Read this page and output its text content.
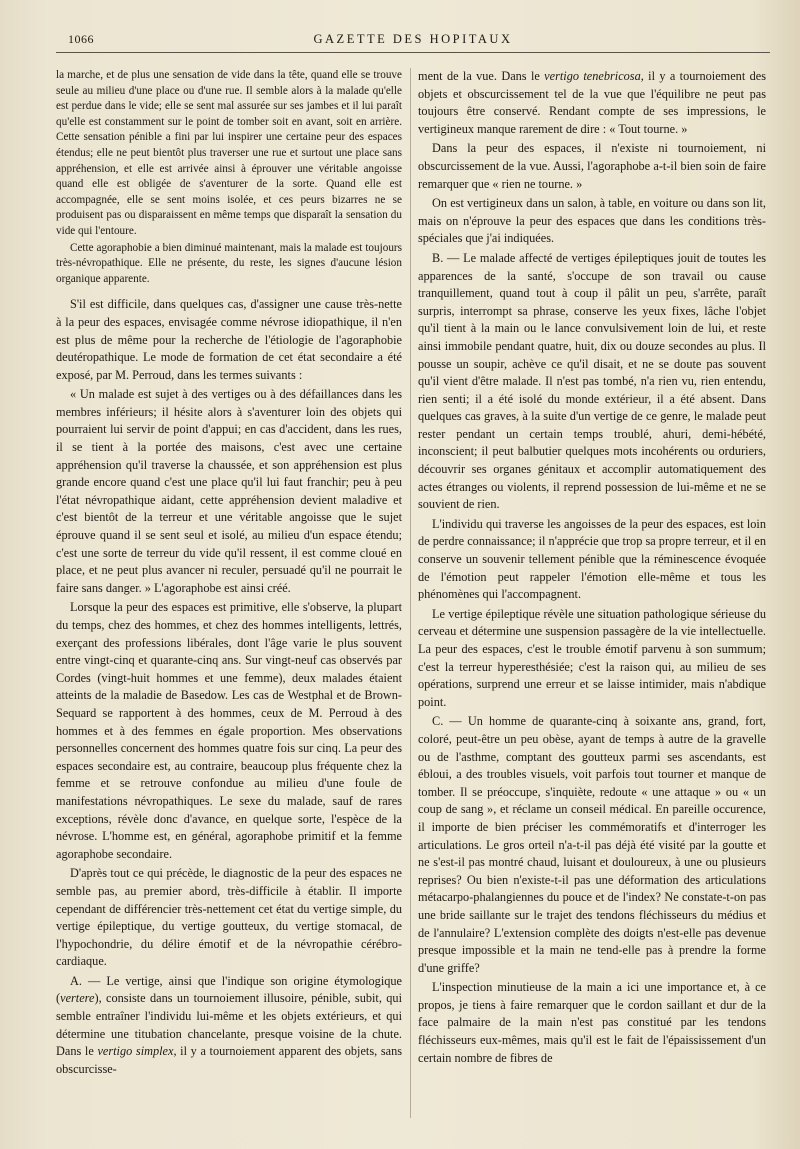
1066	GAZETTE DES HOPITAUX

la marche, et de plus une sensation de vide dans la tête, quand elle se trouve seule au milieu d'une place ou d'une rue. Il semble alors à la malade qu'elle est perdue dans le vide; elle se sent mal assurée sur ses jambes et il lui paraît qu'elle est constamment sur le point de tomber soit en avant, soit en arrière. Cette sensation pénible a fini par lui inspirer une certaine peur des espaces étendus; elle ne peut bientôt plus traverser une rue et surtout une place sans appréhension, et elle est arrivée ainsi à éprouver une véritable angoisse quand elle est obligée de s'aventurer de la sorte. Quand elle est accompagnée, elle se sent moins isolée, et ces peurs bizarres ne se produisent pas ou disparaissent en même temps que disparaît la sensation du vide qui l'entoure.

Cette agoraphobie a bien diminué maintenant, mais la malade est toujours très-névropathique. Elle ne présente, du reste, les signes d'aucune lésion organique apparente.

S'il est difficile, dans quelques cas, d'assigner une cause très-nette à la peur des espaces, envisagée comme névrose idiopathique, il n'en est plus de même pour la recherche de l'étiologie de l'agoraphobie deutéropathique. Le mode de formation de cet état secondaire a été exposé, par M. Perroud, dans les termes suivants :

« Un malade est sujet à des vertiges ou à des défaillances dans les membres inférieurs; il hésite alors à s'aventurer loin des objets qui pourraient lui servir de point d'appui; en cas d'accident, dans les rues, il se tient à la portée des maisons, c'est avec une certaine appréhension qu'il traverse la chaussée, et son appréhension est plus grande encore quand c'est une place qu'il lui faut franchir; peu à peu l'état névropathique aidant, cette appréhension devient maladive et c'est bientôt de la terreur et une véritable angoisse que le sujet éprouve quand il se sent seul et isolé, au milieu d'un espace étendu; c'est une sorte de terreur du vide qu'il ressent, il est comme cloué en place, et ne peut plus avancer ni reculer, persuadé qu'il ne pourrait le faire sans danger. » L'agoraphobe est ainsi créé.

Lorsque la peur des espaces est primitive, elle s'observe, la plupart du temps, chez des hommes, et chez des hommes intelligents, lettrés, exerçant des professions libérales, dont l'âge varie le plus souvent entre vingt-cinq et quarante-cinq ans. Sur vingt-neuf cas observés par Cordes (vingt-huit hommes et une femme), deux malades étaient atteints de la maladie de Basedow. Les cas de Westphal et de Brown-Sequard se rapportent à des hommes, ceux de M. Perroud à des hommes et à des femmes en égale proportion. Mes observations personnelles concernent des hommes quatre fois sur cinq. La peur des espaces secondaire est, au contraire, beaucoup plus fréquente chez la femme et se retrouve confondue au milieu d'une foule de manifestations névropathiques. Le sexe du malade, sauf de rares exceptions, révèle donc d'avance, en quelque sorte, l'espèce de la névrose. L'homme est, en général, agoraphobe primitif et la femme agoraphobe secondaire.

D'après tout ce qui précède, le diagnostic de la peur des espaces ne semble pas, au premier abord, très-difficile à établir. Il importe cependant de différencier très-nettement cet état du vertige simple, du vertige épileptique, du vertige goutteux, du vertige stomacal, de l'hypochondrie, du délire émotif et de la névropathie cérébro-cardiaque.

A. — Le vertige, ainsi que l'indique son origine étymologique (vertere), consiste dans un tournoiement illusoire, pénible, subit, qui semble entraîner l'individu lui-même et les objets extérieurs, et qui détermine une titubation chancelante, presque voisine de la chute. Dans le vertigo simplex, il y a tournoiement apparent des objets, sans obscurcisse-

ment de la vue. Dans le vertigo tenebricosa, il y a tournoiement des objets et obscurcissement tel de la vue que l'équilibre ne peut pas toujours être conservé. Rendant compte de ses impressions, le vertigineux manque rarement de dire : « Tout tourne. »

Dans la peur des espaces, il n'existe ni tournoiement, ni obscurcissement de la vue. Aussi, l'agoraphobe a-t-il bien soin de faire remarquer que « rien ne tourne. »

On est vertigineux dans un salon, à table, en voiture ou dans son lit, mais on n'éprouve la peur des espaces que dans les conditions très-spéciales que j'ai indiquées.

B. — Le malade affecté de vertiges épileptiques jouit de toutes les apparences de la santé, s'occupe de son travail ou cause tranquillement, quand tout à coup il pâlit un peu, s'arrête, paraît surpris, interrompt sa phrase, conserve les yeux fixes, lâche l'objet qu'il tient à la main ou le lance convulsivement loin de lui, et reste ainsi immobile pendant quatre, huit, dix ou douze secondes au plus. Il pousse un soupir, achève ce qu'il disait, et ne se doute pas souvent qu'il vient d'être malade. Il n'est pas tombé, n'a rien vu, rien entendu, rien senti; il a été isolé du monde extérieur, il a été absent. Dans quelques cas graves, à la suite d'un vertige de ce genre, le malade peut rester pendant un certain temps troublé, ahuri, demi-hébété, inconscient; il peut balbutier quelques mots incohérents ou orduriers, découvrir ses organes génitaux et accomplir automatiquement des actes étranges ou violents, il reprend possession de lui-même et ne se souvient de rien.

L'individu qui traverse les angoisses de la peur des espaces, est loin de perdre connaissance; il n'apprécie que trop sa propre terreur, et il en conserve un souvenir tellement pénible que la réminescence évoquée de l'émotion peut rappeler l'émotion elle-même et tous les phénomènes qui l'accompagnent.

Le vertige épileptique révèle une situation pathologique sérieuse du cerveau et détermine une suspension passagère de la vie intellectuelle. La peur des espaces, c'est le trouble émotif parvenu à son summum; c'est la terreur hyperesthésiée; c'est la raison qui, au milieu de ses opérations, surprend une erreur et se laisse intimider, mais n'abdique point.

C. — Un homme de quarante-cinq à soixante ans, grand, fort, coloré, peut-être un peu obèse, ayant de temps à autre de la gravelle ou de l'asthme, comptant des goutteux parmi ses ascendants, est ébloui, a des troubles visuels, voit parfois tout tourner et manque de tomber. Il se préoccupe, s'inquiète, redoute « une attaque » ou « un coup de sang », et réclame un conseil médical. En pareille occurence, il importe de bien préciser les commémoratifs et d'interroger les articulations. Le gros orteil n'a-t-il pas déjà été visité par la goutte et ne s'est-il pas montré chaud, luisant et douloureux, à une ou plusieurs reprises? Ou bien n'existe-t-il pas une déformation des articulations métacarpo-phalangiennes du pouce et de l'index? Ne constate-t-on pas une bride saillante sur le trajet des tendons fléchisseurs du médius et de l'annulaire? L'extension complète des doigts n'est-elle pas devenue presque impossible et la main ne tend-elle pas à prendre la forme d'une griffe?

L'inspection minutieuse de la main a ici une importance et, à ce propos, je tiens à faire remarquer que le cordon saillant et dur de la face palmaire de la main n'est pas constitué par les tendons fléchisseurs eux-mêmes, mais qu'il est le fait de l'épaississement d'un certain nombre de fibres de
